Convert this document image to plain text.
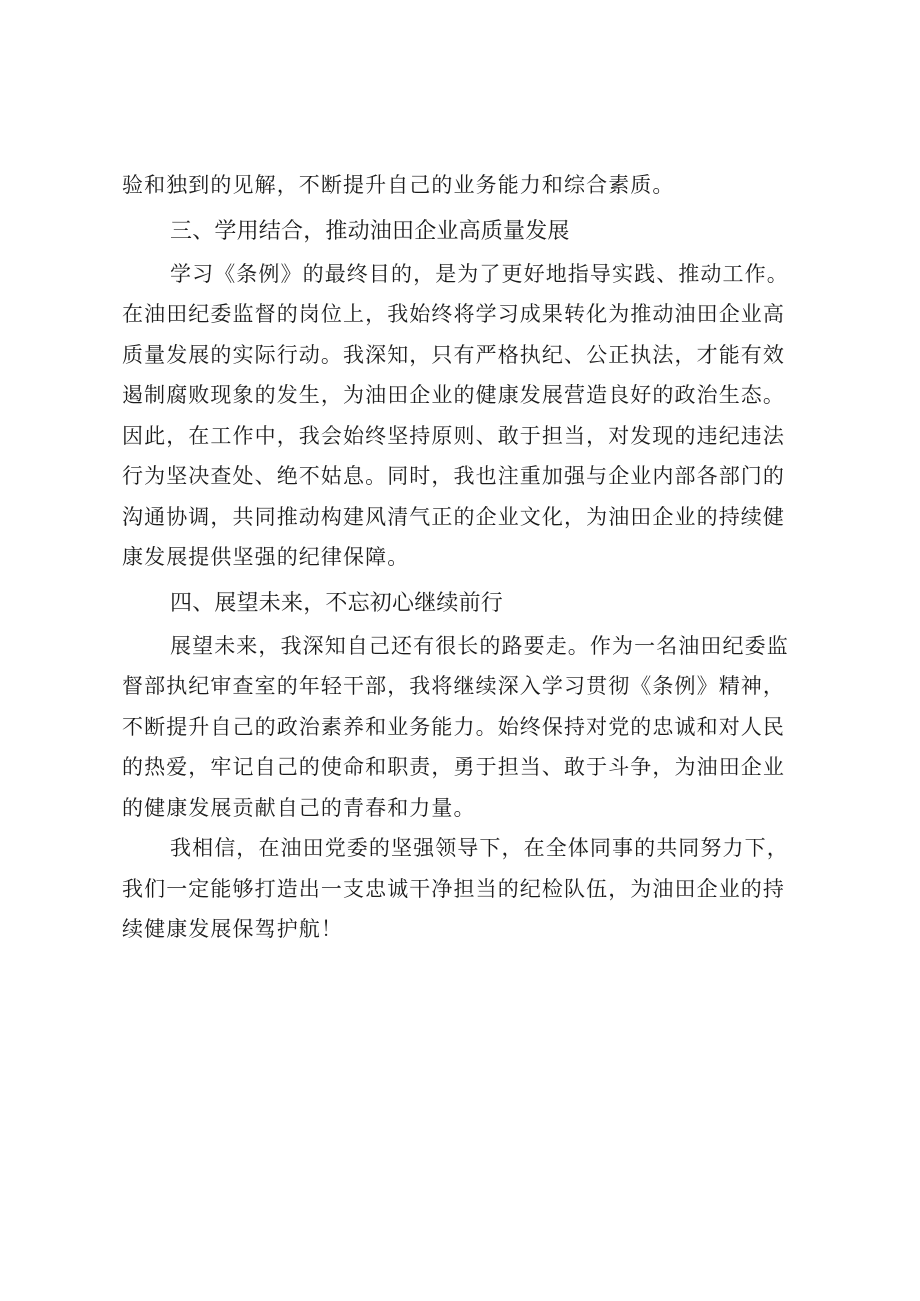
验和独到的见解，不断提升自己的业务能力和综合素质。
三、学用结合，推动油田企业高质量发展
学习《条例》的最终目的，是为了更好地指导实践、推动工作。
在油田纪委监督的岗位上，我始终将学习成果转化为推动油田企业高
质量发展的实际行动。我深知，只有严格执纪、公正执法，才能有效
遏制腐败现象的发生，为油田企业的健康发展营造良好的政治生态。
因此，在工作中，我会始终坚持原则、敢于担当，对发现的违纪违法
行为坚决查处、绝不姑息。同时，我也注重加强与企业内部各部门的
沟通协调，共同推动构建风清气正的企业文化，为油田企业的持续健
康发展提供坚强的纪律保障。
四、展望未来，不忘初心继续前行
展望未来，我深知自己还有很长的路要走。作为一名油田纪委监
督部执纪审查室的年轻干部，我将继续深入学习贯彻《条例》精神，
不断提升自己的政治素养和业务能力。始终保持对党的忠诚和对人民
的热爱，牢记自己的使命和职责，勇于担当、敢于斗争，为油田企业
的健康发展贡献自己的青春和力量。
我相信，在油田党委的坚强领导下，在全体同事的共同努力下，
我们一定能够打造出一支忠诚干净担当的纪检队伍，为油田企业的持
续健康发展保驾护航！
